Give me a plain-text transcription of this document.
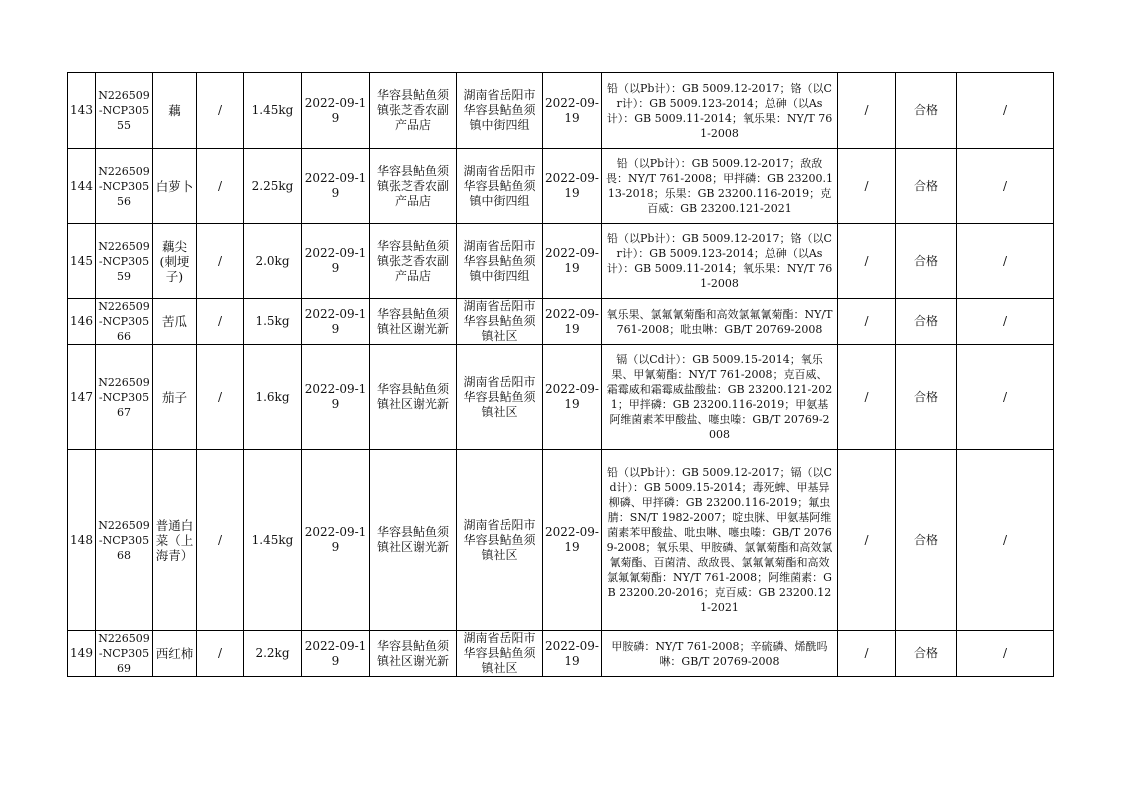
143	N226509-NCP30555	藕	/	1.45kg	2022-09-19	华容县鲇鱼须镇张芝香农副产品店	湖南省岳阳市华容县鲇鱼须镇中街四组	2022-09-19	铅（以Pb计）：GB 5009.12-2017；铬（以Cr计）：GB 5009.123-2014；总砷（以As计）：GB 5009.11-2014；氧乐果：NY/T 761-2008	/	合格	/
144	N226509-NCP30556	白萝卜	/	2.25kg	2022-09-19	华容县鲇鱼须镇张芝香农副产品店	湖南省岳阳市华容县鲇鱼须镇中街四组	2022-09-19	铅（以Pb计）：GB 5009.12-2017；敌敌畏：NY/T 761-2008；甲拌磷：GB 23200.113-2018；乐果：GB 23200.116-2019；克百威：GB 23200.121-2021	/	合格	/
145	N226509-NCP30559	藕尖(刺埂子)	/	2.0kg	2022-09-19	华容县鲇鱼须镇张芝香农副产品店	湖南省岳阳市华容县鲇鱼须镇中街四组	2022-09-19	铅（以Pb计）：GB 5009.12-2017；铬（以Cr计）：GB 5009.123-2014；总砷（以As计）：GB 5009.11-2014；氧乐果：NY/T 761-2008	/	合格	/
146	N226509-NCP30566	苦瓜	/	1.5kg	2022-09-19	华容县鲇鱼须镇社区谢光新	湖南省岳阳市华容县鲇鱼须镇社区	2022-09-19	氧乐果、氯氟氰菊酯和高效氯氟氰菊酯：NY/T 761-2008；吡虫啉：GB/T 20769-2008	/	合格	/
147	N226509-NCP30567	茄子	/	1.6kg	2022-09-19	华容县鲇鱼须镇社区谢光新	湖南省岳阳市华容县鲇鱼须镇社区	2022-09-19	镉（以Cd计）：GB 5009.15-2014；氧乐果、甲氰菊酯：NY/T 761-2008；克百威、霜霉威和霜霉威盐酸盐：GB 23200.121-2021；甲拌磷：GB 23200.116-2019；甲氨基阿维菌素苯甲酸盐、噻虫嗪：GB/T 20769-2008	/	合格	/
148	N226509-NCP30568	普通白菜（上海青）	/	1.45kg	2022-09-19	华容县鲇鱼须镇社区谢光新	湖南省岳阳市华容县鲇鱼须镇社区	2022-09-19	铅（以Pb计）：GB 5009.12-2017；镉（以Cd计）：GB 5009.15-2014；毒死蜱、甲基异柳磷、甲拌磷：GB 23200.116-2019；氟虫腈：SN/T 1982-2007；啶虫脒、甲氨基阿维菌素苯甲酸盐、吡虫啉、噻虫嗪：GB/T 20769-2008；氧乐果、甲胺磷、氯氰菊酯和高效氯氰菊酯、百菌清、敌敌畏、氯氟氰菊酯和高效氯氟氰菊酯：NY/T 761-2008；阿维菌素：GB 23200.20-2016；克百威：GB 23200.121-2021	/	合格	/
149	N226509-NCP30569	西红柿	/	2.2kg	2022-09-19	华容县鲇鱼须镇社区谢光新	湖南省岳阳市华容县鲇鱼须镇社区	2022-09-19	甲胺磷：NY/T 761-2008；辛硫磷、烯酰吗啉：GB/T 20769-2008	/	合格	/
